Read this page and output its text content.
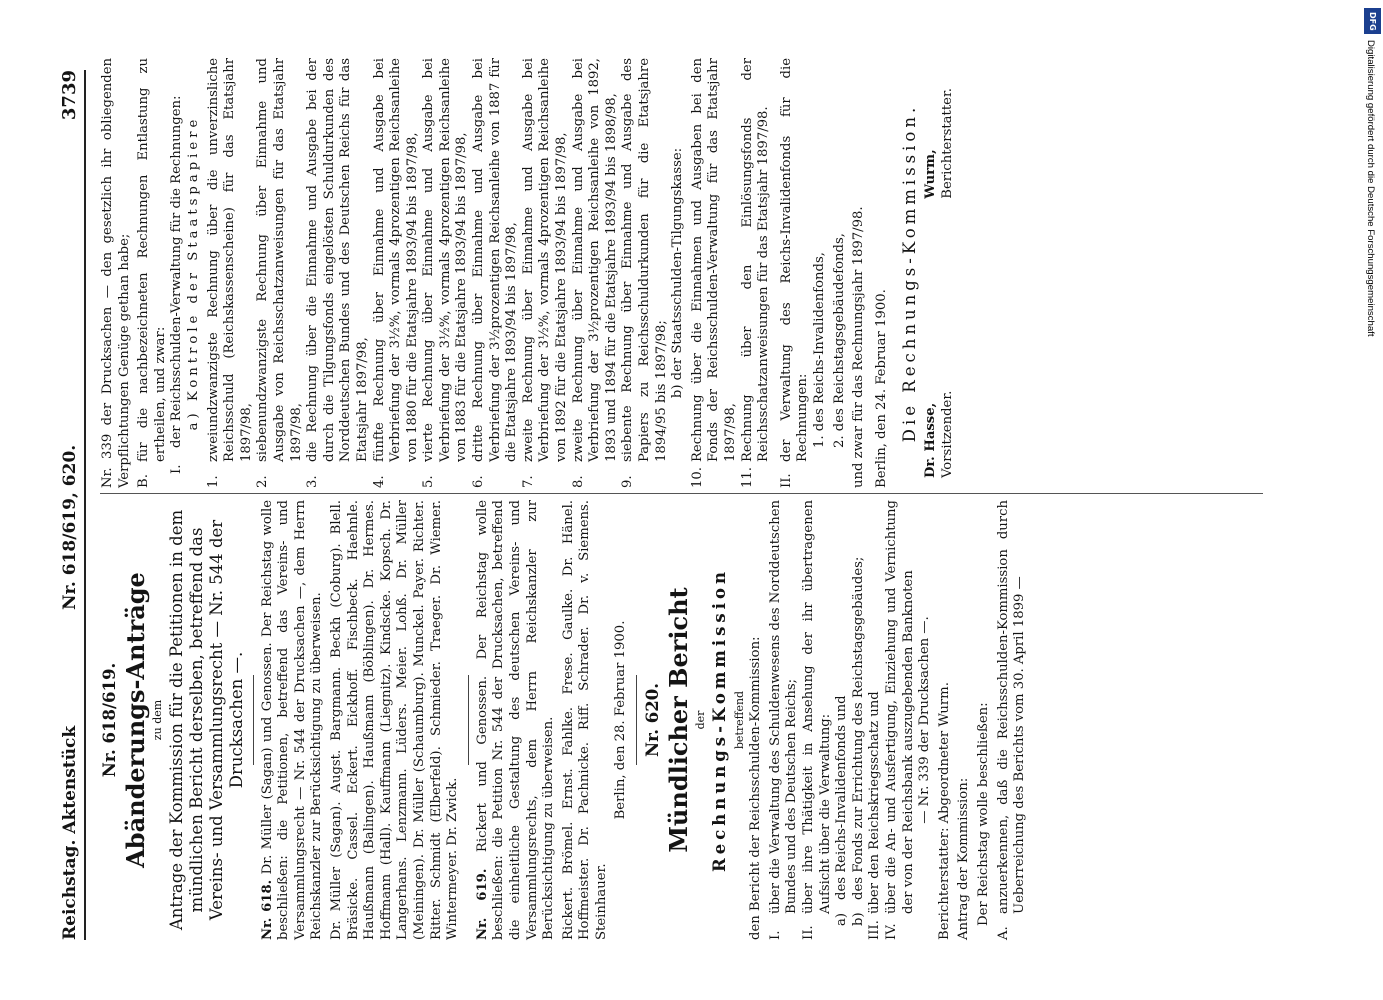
Reichstag. Aktenstück
Nr. 618/619, 620.
3739

Nr. 618/619. Abänderungs-Anträge zu dem Antrage der Kommission für die Petitionen in dem mündlichen Bericht derselben, betreffend das Vereins- und Versammlungsrecht — Nr. 544 der Drucksachen —.

Nr. 618. Dr. Müller (Sagan) und Genossen. Der Reichstag wolle beschließen: die Petitionen, betreffend das Vereins- und Versammlungsrecht — Nr. 544 der Drucksachen —, dem Herrn Reichskanzler zur Berücksichtigung zu überweisen. Dr. Müller (Sagan). Augst. Bargmann. Beckh (Coburg). Blell. Bräsicke. Cassel. Eckert. Eickhoff. Fischbeck. Haehnle. Haußmann (Balingen). Haußmann (Böblingen). Dr. Hermes. Hoffmann (Hall). Kauffmann (Liegnitz). Kindscke. Kopsch. Dr. Langerhans. Lenzmann. Lüders. Meier. Lohß. Dr. Müller (Meiningen). Dr. Müller (Schaumburg). Munckel. Payer. Richter. Ritter. Schmidt (Elberfeld). Schmieder. Traeger. Dr. Wiemer. Wintermeyer. Dr. Zwick. Nr. 619. Rickert und Genossen. Der Reichstag wolle beschließen: die Petition Nr. 544 der Drucksachen, betreffend die einheitliche Gestaltung des deutschen Vereins- und Versammlungsrechts, dem Herrn Reichskanzler zur Berücksichtigung zu überweisen. Rickert. Brömel. Ernst. Fahlke. Frese. Gaulke. Dr. Hänel. Hoffmeister. Dr. Pachnicke. Riff. Schrader. Dr. v. Siemens. Steinhauer.

Berlin, den 28. Februar 1900. Nr. 620. Mündlicher Bericht der Rechnungs-Kommission betreffend den Bericht der Reichsschulden-Kommission: I.
über die Verwaltung des Schuldenwesens des Norddeutschen Bundes und des Deutschen Reichs;
II.
über ihre Thätigkeit in Ansehung der ihr übertragenen Aufsicht über die Verwaltung:
a)
des Reichs-Invalidenfonds und
b)
des Fonds zur Errichtung des Reichstagsgebäudes;
III.
über den Reichskriegsschatz und
IV.
über die An- und Ausfertigung, Einziehung und Vernichtung der von der Reichsbank auszugebenden Banknoten — Nr. 339 der Drucksachen —. Berichterstatter: Abgeordneter Wurm. Antrag der Kommission: Der Reichstag wolle beschließen:

A.
anzuerkennen, daß die Reichsschulden-Kommission durch Ueberreichung des Berichts vom 30. April 1899 —

Nr. 339 der Drucksachen — den gesetzlich ihr obliegenden Verpflichtungen Genüge gethan habe; B.
für die nachbezeichneten Rechnungen Entlastung zu ertheilen, und zwar:
I.
der Reichsschulden-Verwaltung für die Rechnungen: a) Kontrole der Staatspapiere

1.
zweiundzwanzigste Rechnung über die unverzinsliche Reichsschuld (Reichskassenscheine) für das Etatsjahr 1897/98,
2.
siebenundzwanzigste Rechnung über Einnahme und Ausgabe von Reichsschatzanweisungen für das Etatsjahr 1897/98,
3.
die Rechnung über die Einnahme und Ausgabe bei der durch die Tilgungsfonds eingelösten Schuldurkunden des Norddeutschen Bundes und des Deutschen Reichs für das Etatsjahr 1897/98,
4.
fünfte Rechnung über Einnahme und Ausgabe bei Verbriefung der 3½%, vormals 4prozentigen Reichsanleihe von 1880 für die Etatsjahre 1893/94 bis 1897/98,
5.
vierte Rechnung über Einnahme und Ausgabe bei Verbriefung der 3½%, vormals 4prozentigen Reichsanleihe von 1883 für die Etatsjahre 1893/94 bis 1897/98,
6.
dritte Rechnung über Einnahme und Ausgabe bei Verbriefung der 3½prozentigen Reichsanleihe von 1887 für die Etatsjahre 1893/94 bis 1897/98,
7.
zweite Rechnung über Einnahme und Ausgabe bei Verbriefung der 3½%, vormals 4prozentigen Reichsanleihe von 1892 für die Etatsjahre 1893/94 bis 1897/98,
8.
zweite Rechnung über Einnahme und Ausgabe bei Verbriefung der 3½prozentigen Reichsanleihe von 1892, 1893 und 1894 für die Etatsjahre 1893/94 bis 1898/98,
9.
siebente Rechnung über Einnahme und Ausgabe des Papiers zu Reichsschuldurkunden für die Etatsjahre 1894/95 bis 1897/98; b) der Staatsschulden-Tilgungskasse:

10.
Rechnung über die Einnahmen und Ausgaben bei den Fonds der Reichsschulden-Verwaltung für das Etatsjahr 1897/98,
11.
Rechnung über den Einlösungsfonds der Reichsschatzanweisungen für das Etatsjahr 1897/98.
II.
der Verwaltung des Reichs-Invalidenfonds für die Rechnungen: 1. des Reichs-Invalidenfonds, 2. des Reichstagsgebäudefonds, und zwar für das Rechnungsjahr 1897/98. Berlin, den 24. Februar 1900. Die Rechnungs-Kommission. Dr. Hasse, Vorsitzender.
Wurm, Berichterstatter.
DFG
Digitalisierung gefördert durch die Deutsche Forschungsgemeinschaft
